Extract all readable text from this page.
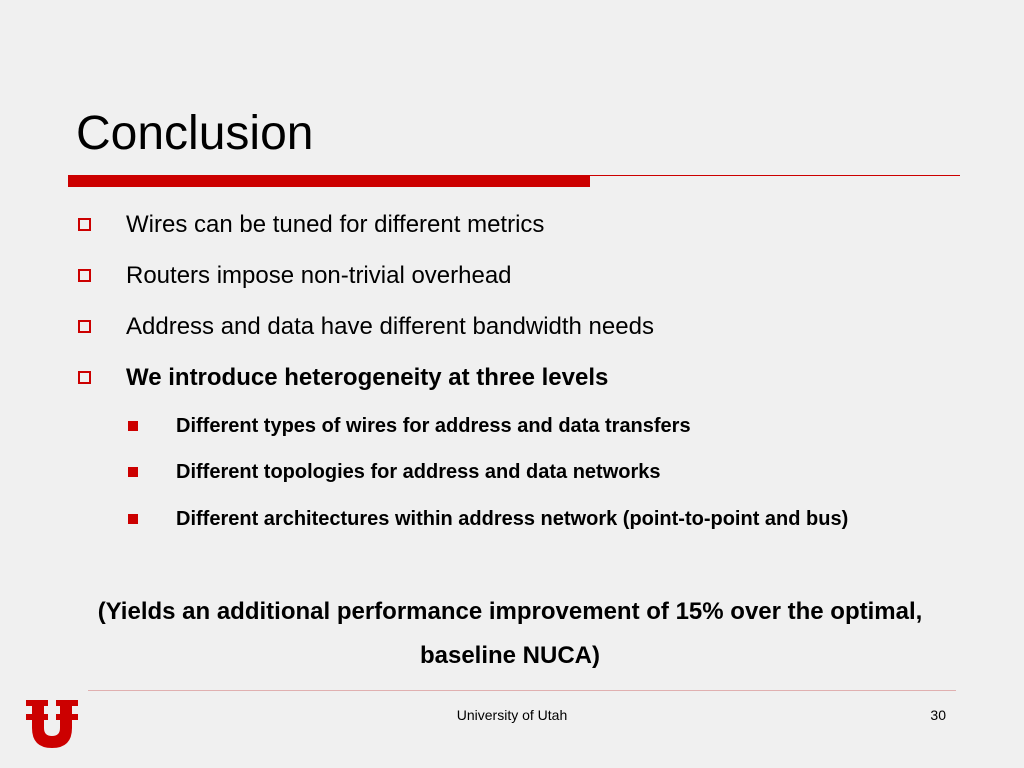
Conclusion
Wires can be tuned for different metrics
Routers impose non-trivial overhead
Address and data have different bandwidth needs
We introduce heterogeneity at three levels
Different types of wires for address and data transfers
Different topologies for address and data networks
Different architectures within address network (point-to-point and bus)
(Yields an additional performance improvement of 15% over the optimal, baseline NUCA)
University of Utah	30
